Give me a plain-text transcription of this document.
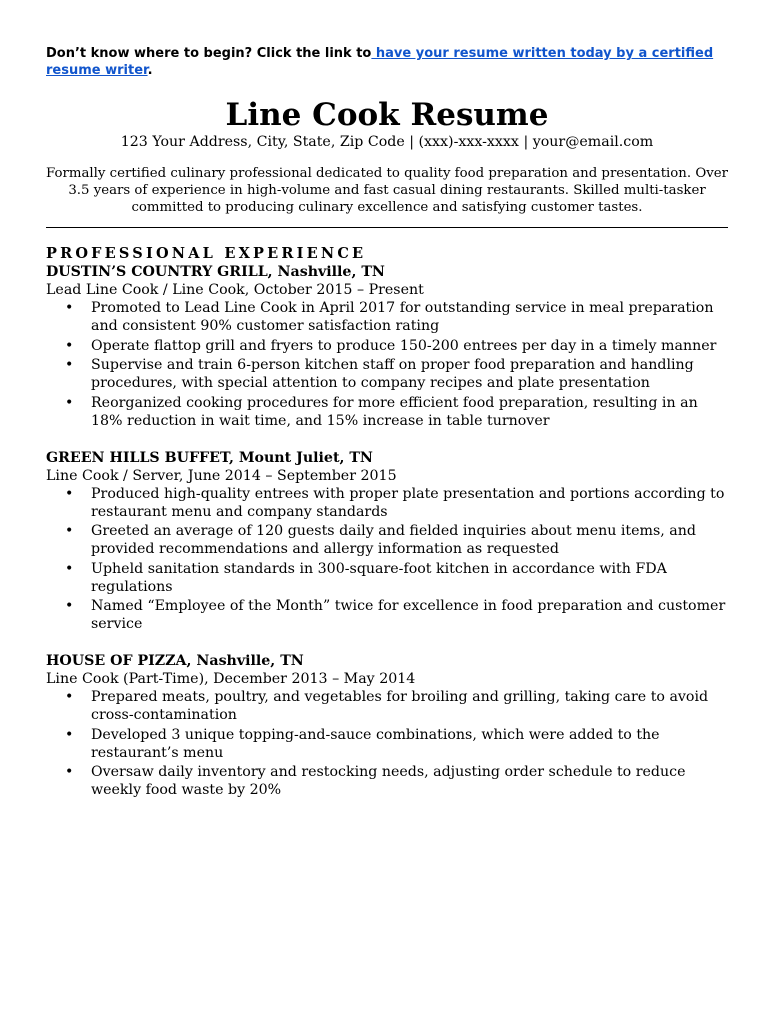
Don’t know where to begin? Click the link to have your resume written today by a certified resume writer.

Line Cook Resume

123 Your Address, City, State, Zip Code | (xxx)-xxx-xxxx | your@email.com

Formally certified culinary professional dedicated to quality food preparation and presentation. Over 3.5 years of experience in high-volume and fast casual dining restaurants. Skilled multi-tasker committed to producing culinary excellence and satisfying customer tastes.

PROFESSIONAL EXPERIENCE

DUSTIN’S COUNTRY GRILL, Nashville, TN

Lead Line Cook / Line Cook, October 2015 – Present

• Promoted to Lead Line Cook in April 2017 for outstanding service in meal preparation and consistent 90% customer satisfaction rating
• Operate flattop grill and fryers to produce 150-200 entrees per day in a timely manner
• Supervise and train 6-person kitchen staff on proper food preparation and handling procedures, with special attention to company recipes and plate presentation
• Reorganized cooking procedures for more efficient food preparation, resulting in an 18% reduction in wait time, and 15% increase in table turnover

GREEN HILLS BUFFET, Mount Juliet, TN

Line Cook / Server, June 2014 – September 2015

• Produced high-quality entrees with proper plate presentation and portions according to restaurant menu and company standards
• Greeted an average of 120 guests daily and fielded inquiries about menu items, and provided recommendations and allergy information as requested
• Upheld sanitation standards in 300-square-foot kitchen in accordance with FDA regulations
• Named “Employee of the Month” twice for excellence in food preparation and customer service

HOUSE OF PIZZA, Nashville, TN

Line Cook (Part-Time), December 2013 – May 2014

• Prepared meats, poultry, and vegetables for broiling and grilling, taking care to avoid cross-contamination
• Developed 3 unique topping-and-sauce combinations, which were added to the restaurant’s menu
• Oversaw daily inventory and restocking needs, adjusting order schedule to reduce weekly food waste by 20%
